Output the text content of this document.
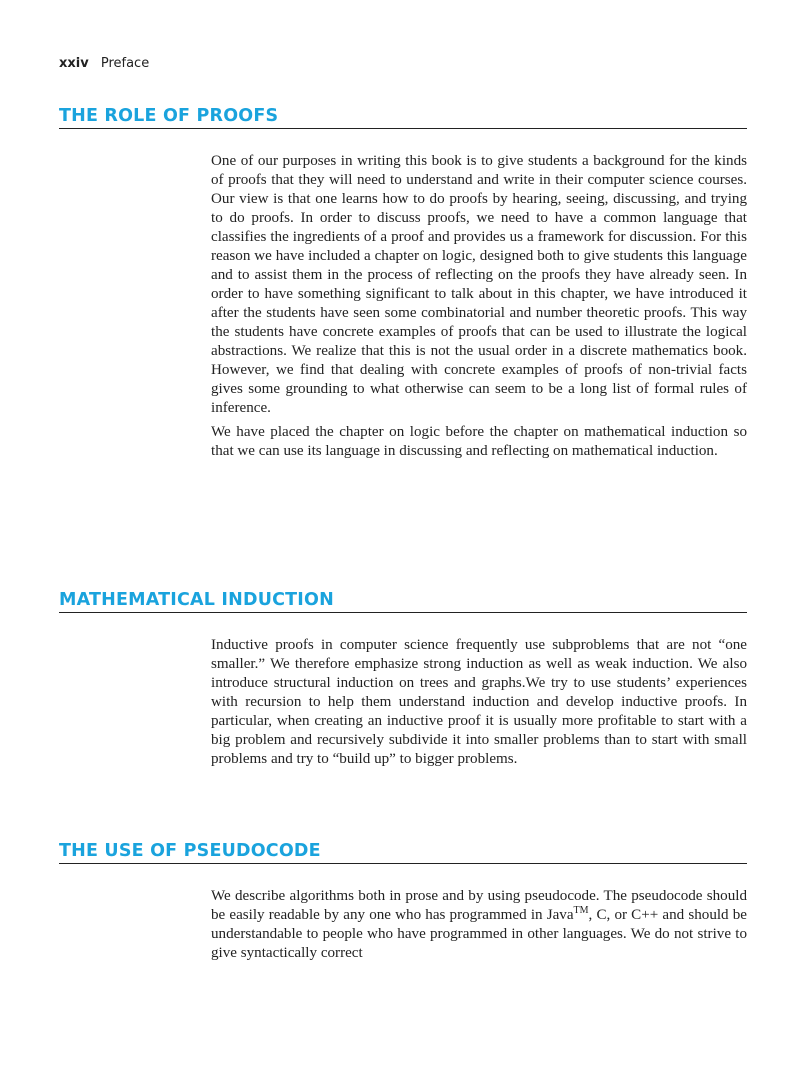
xxiv Preface
THE ROLE OF PROOFS

One of our purposes in writing this book is to give students a background for the kinds of proofs that they will need to understand and write in their computer science courses. Our view is that one learns how to do proofs by hearing, seeing, discussing, and trying to do proofs. In order to discuss proofs, we need to have a common language that classifies the ingredients of a proof and provides us a framework for discussion. For this reason we have included a chapter on logic, designed both to give students this language and to assist them in the process of reflecting on the proofs they have already seen. In order to have something significant to talk about in this chapter, we have introduced it after the students have seen some combinatorial and number theoretic proofs. This way the students have concrete examples of proofs that can be used to illustrate the logical abstractions. We realize that this is not the usual order in a discrete mathematics book. However, we find that dealing with concrete examples of proofs of non-trivial facts gives some grounding to what otherwise can seem to be a long list of formal rules of inference.

We have placed the chapter on logic before the chapter on mathematical induction so that we can use its language in discussing and reflecting on mathematical induction.

MATHEMATICAL INDUCTION

Inductive proofs in computer science frequently use subproblems that are not “one smaller.” We therefore emphasize strong induction as well as weak induction. We also introduce structural induction on trees and graphs.We try to use students’ experiences with recursion to help them understand induction and develop inductive proofs. In particular, when creating an inductive proof it is usually more profitable to start with a big problem and recursively subdivide it into smaller problems than to start with small problems and try to “build up” to bigger problems.

THE USE OF PSEUDOCODE

We describe algorithms both in prose and by using pseudocode. The pseudocode should be easily readable by any one who has programmed in Java™, C, or C++ and should be understandable to people who have programmed in other languages. We do not strive to give syntactically correct
